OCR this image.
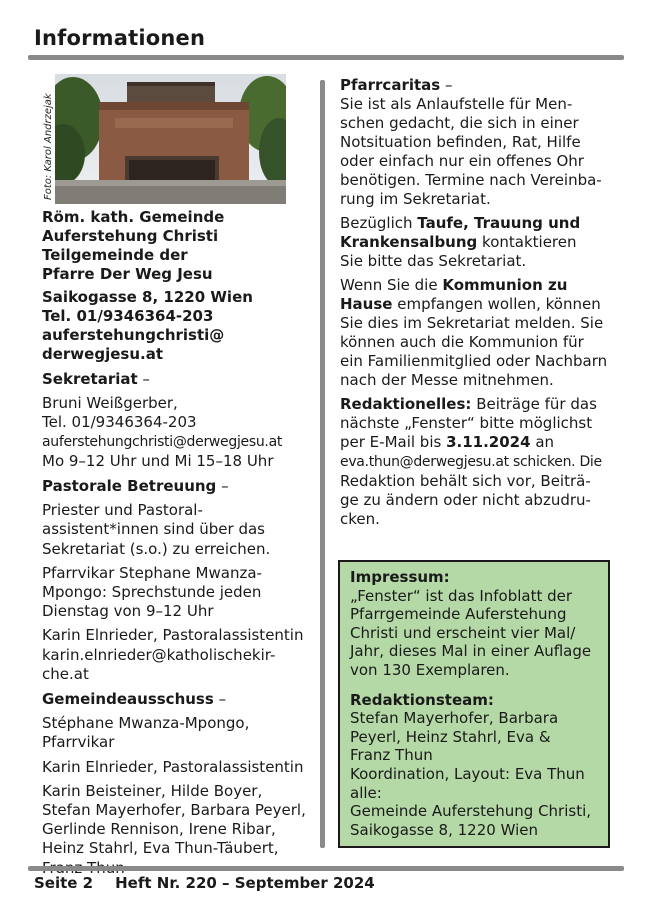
Informationen
Foto: Karol Andrzejak
Röm. kath. Gemeinde
Auferstehung Christi
Teilgemeinde der
Pfarre Der Weg Jesu
Saikogasse 8, 1220 Wien
Tel. 01/9346364-203
auferstehungchristi@
derwegjesu.at
Sekretariat –
Bruni Weißgerber,
Tel. 01/9346364-203
auferstehungchristi@derwegjesu.at
Mo 9–12 Uhr und Mi 15–18 Uhr
Pastorale Betreuung –
Priester und Pastoral-
assistent*innen sind über das
Sekretariat (s.o.) zu erreichen.
Pfarrvikar Stephane Mwanza-
Mpongo: Sprechstunde jeden
Dienstag von 9–12 Uhr
Karin Elnrieder, Pastoralassistentin
karin.elnrieder@katholischekir-
che.at
Gemeindeausschuss –
Stéphane Mwanza-Mpongo,
Pfarrvikar
Karin Elnrieder, Pastoralassistentin
Karin Beisteiner, Hilde Boyer,
Stefan Mayerhofer, Barbara Peyerl,
Gerlinde Rennison, Irene Ribar,
Heinz Stahrl, Eva Thun-Täubert,
Pfarrcaritas –
Sie ist als Anlaufstelle für Men-
schen gedacht, die sich in einer
Notsituation befinden, Rat, Hilfe
oder einfach nur ein offenes Ohr
benötigen. Termine nach Vereinba-
rung im Sekretariat.
Bezüglich Taufe, Trauung und
Krankensalbung kontaktieren
Sie bitte das Sekretariat.
Wenn Sie die Kommunion zu
Hause empfangen wollen, können
Sie dies im Sekretariat melden. Sie
können auch die Kommunion für
ein Familienmitglied oder Nachbarn
nach der Messe mitnehmen.
Redaktionelles: Beiträge für das
nächste „Fenster“ bitte möglichst
per E-Mail bis 3.11.2024 an
eva.thun@derwegjesu.at schicken. Die
Redaktion behält sich vor, Beiträ-
ge zu ändern oder nicht abzudru-
cken.
Impressum:
„Fenster“ ist das Infoblatt der
Pfarrgemeinde Auferstehung
Christi und erscheint vier Mal/
Jahr, dieses Mal in einer Auflage
von 130 Exemplaren.
Redaktionsteam:
Stefan Mayerhofer, Barbara
Peyerl, Heinz Stahrl, Eva &
Franz Thun
Koordination, Layout: Eva Thun
alle:
Gemeinde Auferstehung Christi,
Saikogasse 8, 1220 Wien
Seite 2 Heft Nr. 220 – September 2024
